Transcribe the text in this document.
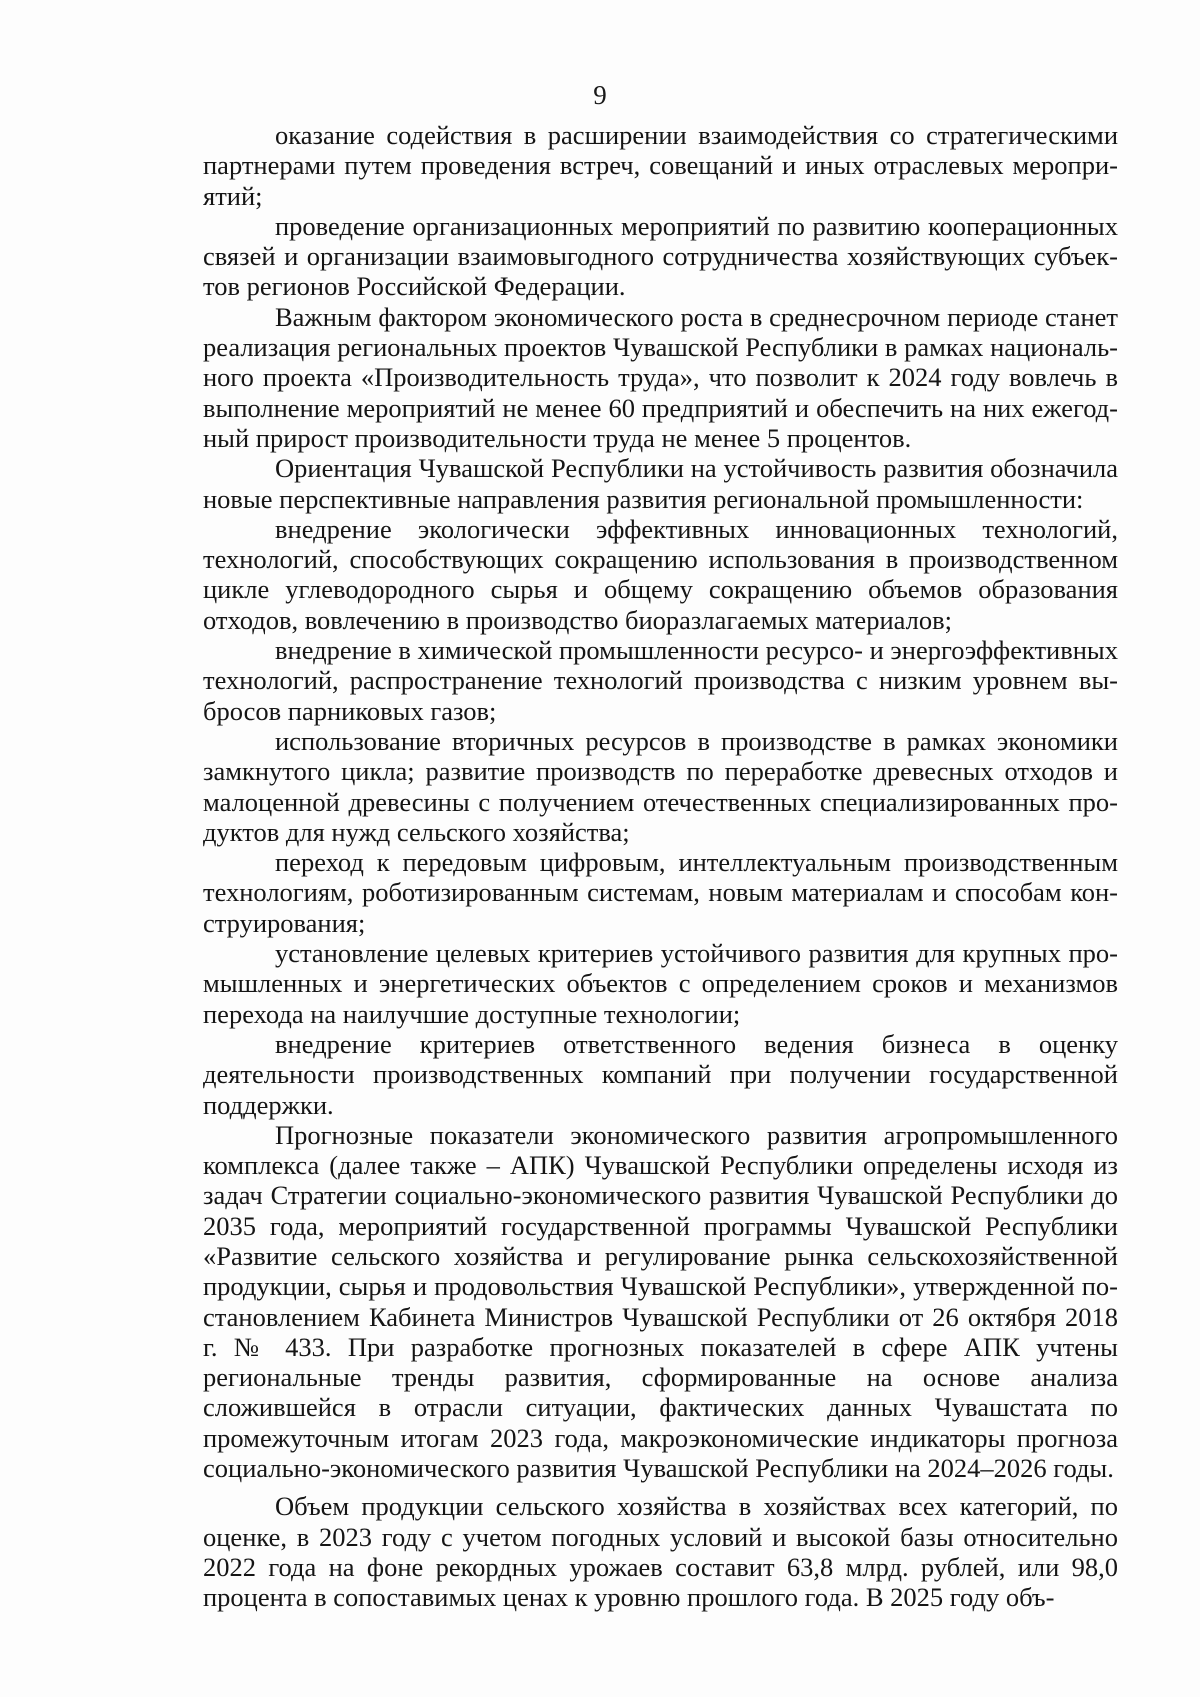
9

оказание содействия в расширении взаимодействия со стратегическими партнерами путем проведения встреч, совещаний и иных отраслевых мероприятий;

проведение организационных мероприятий по развитию кооперационных связей и организации взаимовыгодного сотрудничества хозяйствующих субъектов регионов Российской Федерации.

Важным фактором экономического роста в среднесрочном периоде станет реализация региональных проектов Чувашской Республики в рамках национального проекта «Производительность труда», что позволит к 2024 году вовлечь в выполнение мероприятий не менее 60 предприятий и обеспечить на них ежегодный прирост производительности труда не менее 5 процентов.

Ориентация Чувашской Республики на устойчивость развития обозначила новые перспективные направления развития региональной промышленности:

внедрение экологически эффективных инновационных технологий, технологий, способствующих сокращению использования в производственном цикле углеводородного сырья и общему сокращению объемов образования отходов, вовлечению в производство биоразлагаемых материалов;

внедрение в химической промышленности ресурсо- и энергоэффективных технологий, распространение технологий производства с низким уровнем выбросов парниковых газов;

использование вторичных ресурсов в производстве в рамках экономики замкнутого цикла; развитие производств по переработке древесных отходов и малоценной древесины с получением отечественных специализированных продуктов для нужд сельского хозяйства;

переход к передовым цифровым, интеллектуальным производственным технологиям, роботизированным системам, новым материалам и способам конструирования;

установление целевых критериев устойчивого развития для крупных промышленных и энергетических объектов с определением сроков и механизмов перехода на наилучшие доступные технологии;

внедрение критериев ответственного ведения бизнеса в оценку деятельности производственных компаний при получении государственной поддержки.

Прогнозные показатели экономического развития агропромышленного комплекса (далее также – АПК) Чувашской Республики определены исходя из задач Стратегии социально-экономического развития Чувашской Республики до 2035 года, мероприятий государственной программы Чувашской Республики «Развитие сельского хозяйства и регулирование рынка сельскохозяйственной продукции, сырья и продовольствия Чувашской Республики», утвержденной постановлением Кабинета Министров Чувашской Республики от 26 октября 2018 г. № 433. При разработке прогнозных показателей в сфере АПК учтены региональные тренды развития, сформированные на основе анализа сложившейся в отрасли ситуации, фактических данных Чувашстата по промежуточным итогам 2023 года, макроэкономические индикаторы прогноза социально-экономического развития Чувашской Республики на 2024–2026 годы.

Объем продукции сельского хозяйства в хозяйствах всех категорий, по оценке, в 2023 году с учетом погодных условий и высокой базы относительно 2022 года на фоне рекордных урожаев составит 63,8 млрд. рублей, или 98,0 процента в сопоставимых ценах к уровню прошлого года. В 2025 году объ-
